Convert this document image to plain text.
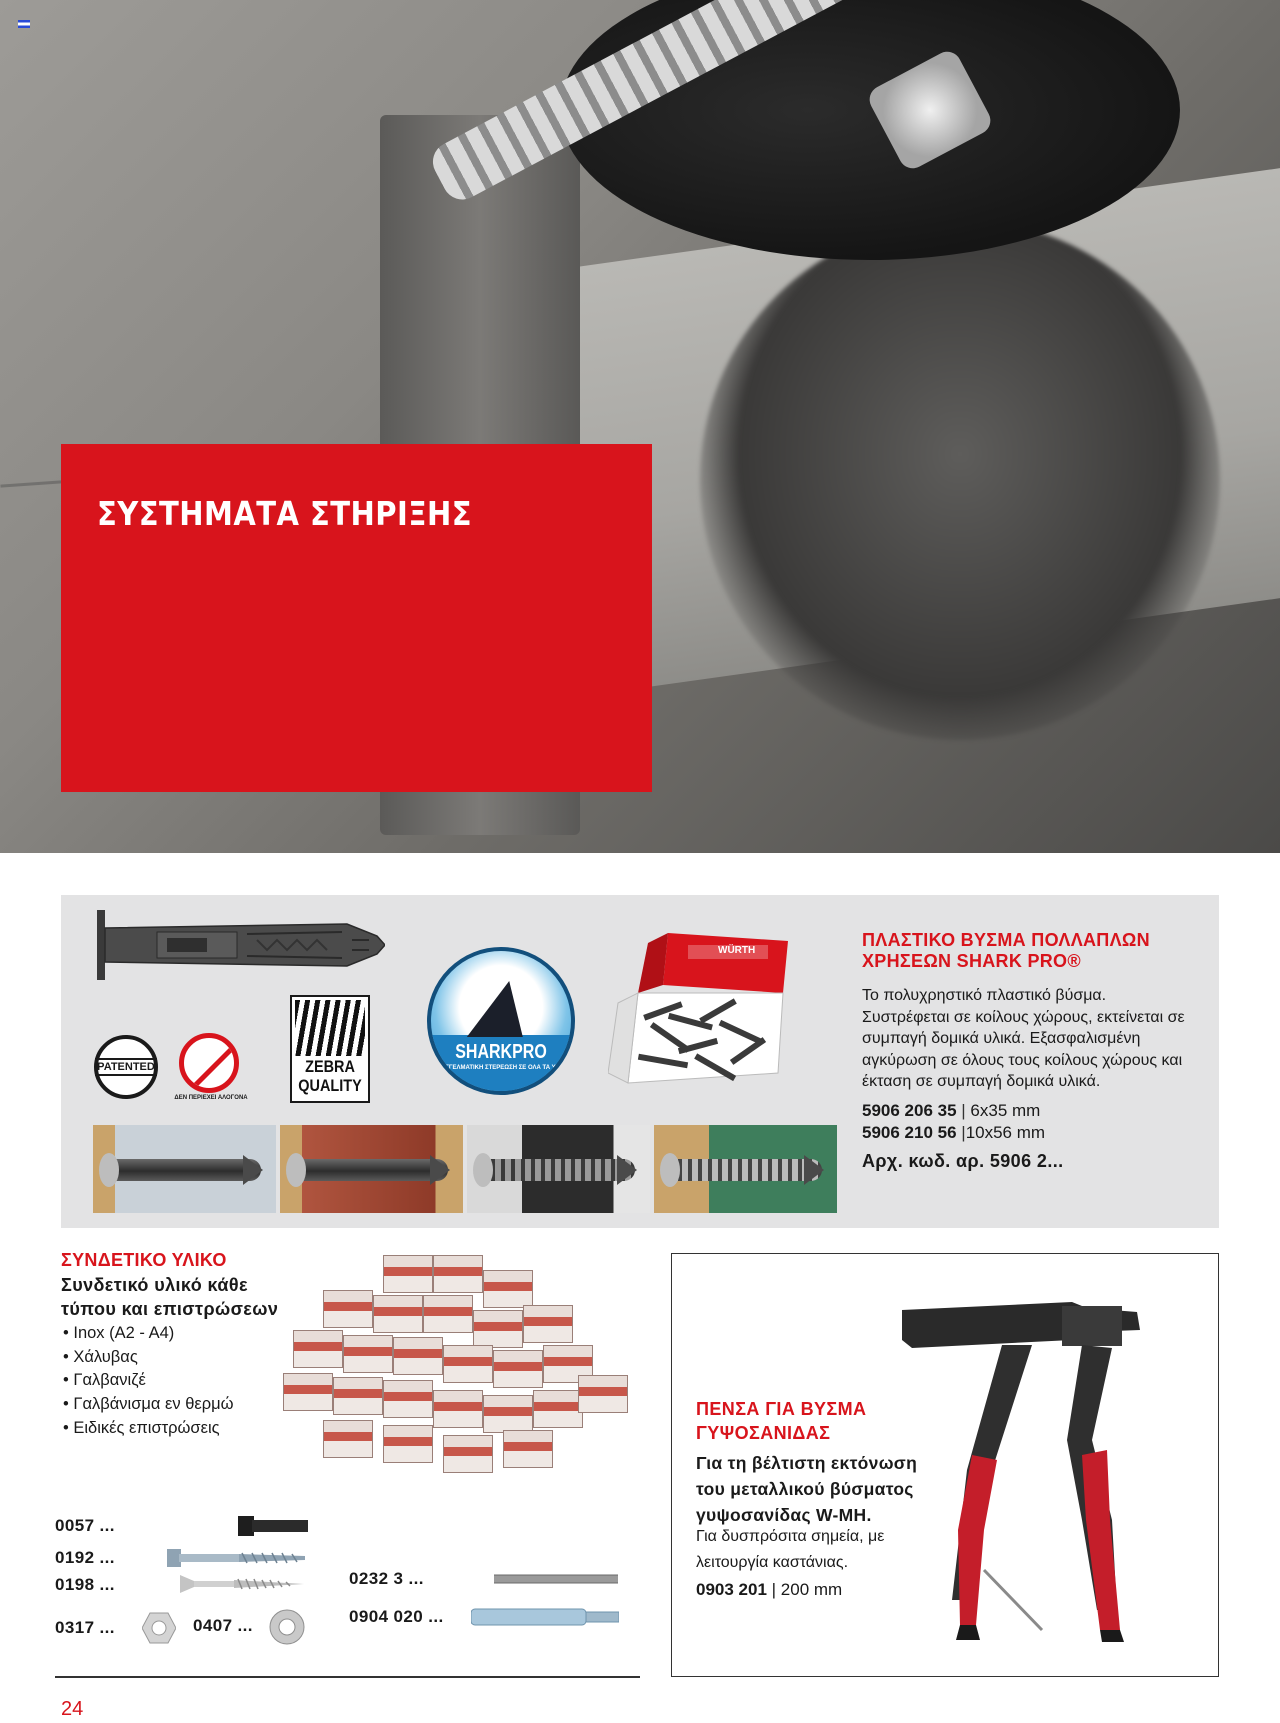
ΣΥΣΤΗΜΑΤΑ ΣΤΗΡΙΞΗΣ
PATENTED
ΔΕΝ ΠΕΡΙΕΧΕΙ ΑΛΟΓΟΝΑ
ZEBRA QUALITY
SHARKPRO
ΕΠΑΓΓΕΛΜΑΤΙΚΗ ΣΤΕΡΕΩΣΗ ΣΕ ΟΛΑ ΤΑ ΥΛΙΚΑ
WÜRTH
ΠΛΑΣΤΙΚΟ ΒΥΣΜΑ ΠΟΛΛΑΠΛΩΝ ΧΡΗΣΕΩΝ SHARK PRO®
Το πολυχρηστικό πλαστικό βύσμα. Συστρέφεται σε κοίλους χώρους, εκτείνεται σε συμπαγή δομικά υλικά. Εξασφαλισμένη αγκύρωση σε όλους τους κοίλους χώρους και έκταση σε συμπαγή δομικά υλικά.
5906 206 35 | 6x35 mm
5906 210 56 |10x56 mm
Αρχ. κωδ. αρ. 5906 2...
ΣΥΝΔΕΤΙΚΟ ΥΛΙΚΟ
Συνδετικό υλικό κάθε τύπου και επιστρώσεων
• Inox (A2 - A4)
• Χάλυβας
• Γαλβανιζέ
• Γαλβάνισμα εν θερμώ
• Ειδικές επιστρώσεις
0057 ...
0192 ...
0198 ...
0317 ...	0407 ...
0232 3 ...
0904 020 ...
ΠΕΝΣΑ ΓΙΑ ΒΥΣΜΑ ΓΥΨΟΣΑΝΙΔΑΣ
Για τη βέλτιστη εκτόνωση του μεταλλικού βύσματος γυψοσανίδας W-MH.
Για δυσπρόσιτα σημεία, με λειτουργία καστάνιας.
0903 201 | 200 mm
24
